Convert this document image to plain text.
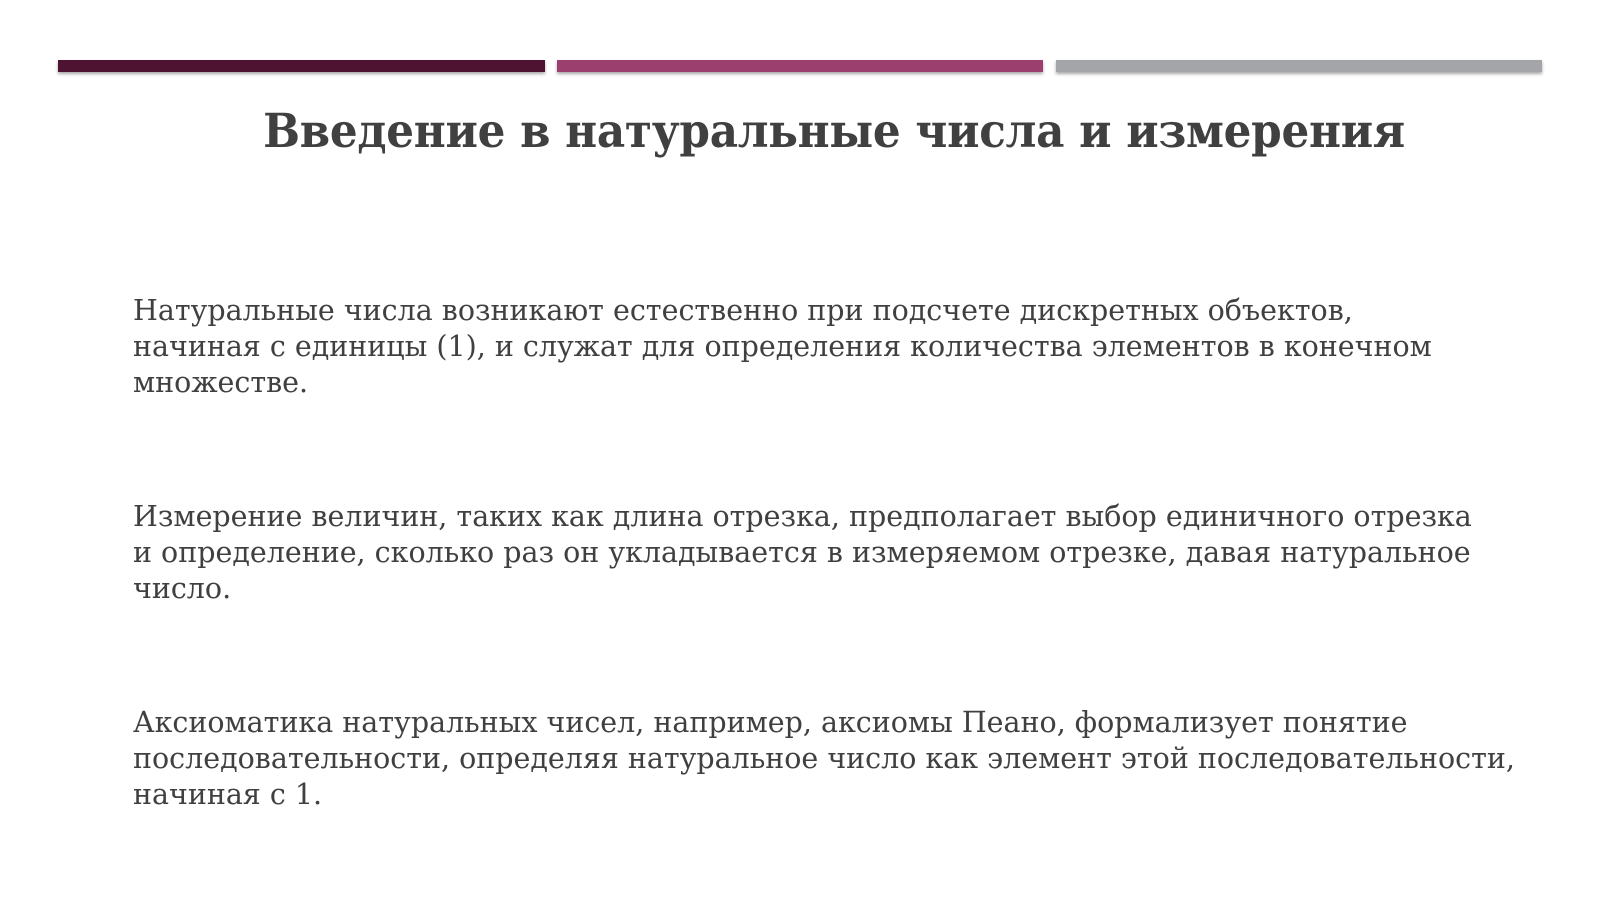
Введение в натуральные числа и измерения

Натуральные числа возникают естественно при подсчете дискретных объектов,
начиная с единицы (1), и служат для определения количества элементов в конечном
множестве.

Измерение величин, таких как длина отрезка, предполагает выбор единичного отрезка
и определение, сколько раз он укладывается в измеряемом отрезке, давая натуральное
число.

Аксиоматика натуральных чисел, например, аксиомы Пеано, формализует понятие
последовательности, определяя натуральное число как элемент этой последовательности,
начиная с 1.
